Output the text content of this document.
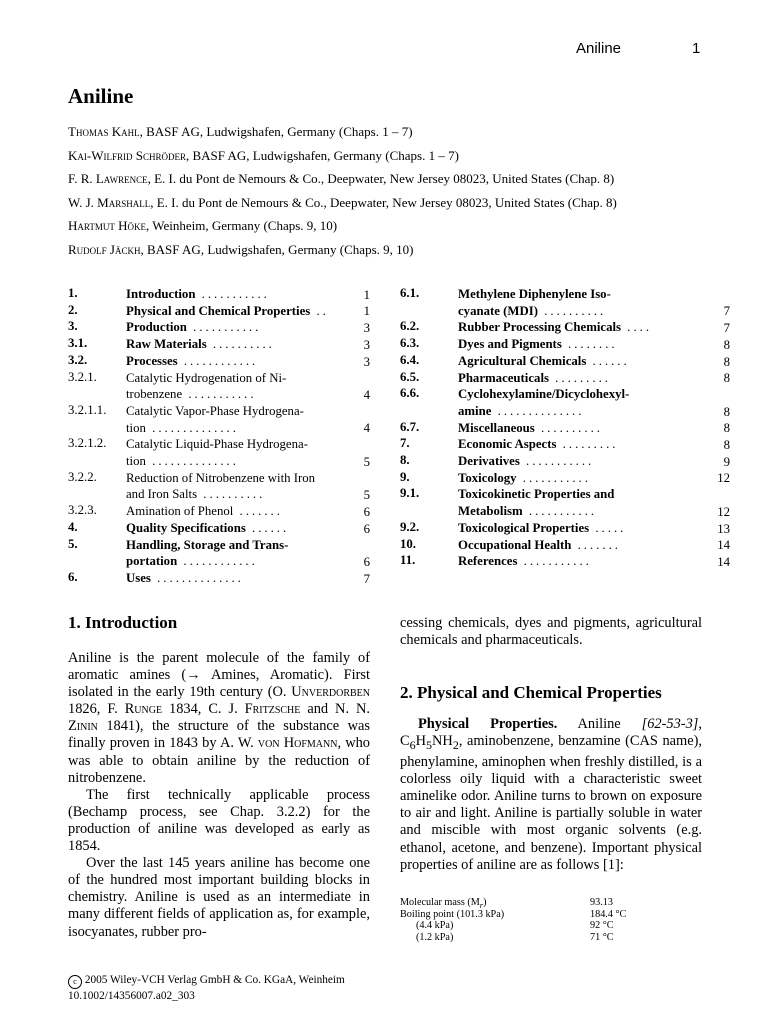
Aniline	1
Aniline
Thomas Kahl, BASF AG, Ludwigshafen, Germany (Chaps. 1 – 7)
Kai-Wilfrid Schröder, BASF AG, Ludwigshafen, Germany (Chaps. 1 – 7)
F. R. Lawrence, E. I. du Pont de Nemours & Co., Deepwater, New Jersey 08023, United States (Chap. 8)
W. J. Marshall, E. I. du Pont de Nemours & Co., Deepwater, New Jersey 08023, United States (Chap. 8)
Hartmut Höke, Weinheim, Germany (Chaps. 9, 10)
Rudolf Jäckh, BASF AG, Ludwigshafen, Germany (Chaps. 9, 10)
1.	Introduction ...........	1
2.	Physical and Chemical Properties ..	1
3.	Production ...........	3
3.1.	Raw Materials ..........	3
3.2.	Processes ............	3
3.2.1. Catalytic Hydrogenation of Ni-
trobenzene ...........	4
3.2.1.1. Catalytic Vapor-Phase Hydrogena-
tion ..............	4
3.2.1.2. Catalytic Liquid-Phase Hydrogena-
tion ..............	5
3.2.2. Reduction of Nitrobenzene with Iron
and Iron Salts ..........	5
3.2.3. Amination of Phenol .......	6
4.	Quality Specifications ......	6
5.	Handling, Storage and Trans-
portation ............	6
6.	Uses ..............	7
6.1.	Methylene Diphenylene Iso-
cyanate (MDI) ..........	7
6.2.	Rubber Processing Chemicals ....	7
6.3.	Dyes and Pigments ........	8
6.4.	Agricultural Chemicals ......	8
6.5.	Pharmaceuticals .........	8
6.6.	Cyclohexylamine/Dicyclohexyl-
amine ..............	8
6.7.	Miscellaneous ..........	8
7.	Economic Aspects .........	8
8.	Derivatives ...........	9
9.	Toxicology ...........	12
9.1.	Toxicokinetic Properties and
Metabolism ...........	12
9.2.	Toxicological Properties .....	13
10.	Occupational Health .......	14
11.	References ...........	14
1. Introduction

Aniline is the parent molecule of the family of aromatic amines (→ Amines, Aromatic). First isolated in the early 19th century (O. Unverdorben 1826, F. Runge 1834, C. J. Fritzsche and N. N. Zinin 1841), the structure of the substance was finally proven in 1843 by A. W. von Hofmann, who was able to obtain aniline by the reduction of nitrobenzene.

The first technically applicable process (Bechamp process, see Chap. 3.2.2) for the production of aniline was developed as early as 1854.

Over the last 145 years aniline has become one of the hundred most important building blocks in chemistry. Aniline is used as an intermediate in many different fields of application as, for example, isocyanates, rubber pro-

cessing chemicals, dyes and pigments, agricultural chemicals and pharmaceuticals.

2. Physical and Chemical Properties
Physical Properties. Aniline [62-53-3], $C_6H_5NH_2$, aminobenzene, benzamine (CAS name), phenylamine, aminophen when freshly distilled, is a colorless oily liquid with a characteristic sweet aminelike odor. Aniline turns to brown on exposure to air and light. Aniline is partially soluble in water and miscible with most organic solvents (e.g. ethanol, acetone, and benzene). Important physical properties of aniline are as follows [1]:
Molecular mass $(M_r)$	93.13
Boiling point (101.3 kPa)	184.4 °C
(4.4 kPa)	92 °C
(1.2 kPa)	71 °C
c 2005 Wiley-VCH Verlag GmbH & Co. KGaA, Weinheim
10.1002/14356007.a02_303
